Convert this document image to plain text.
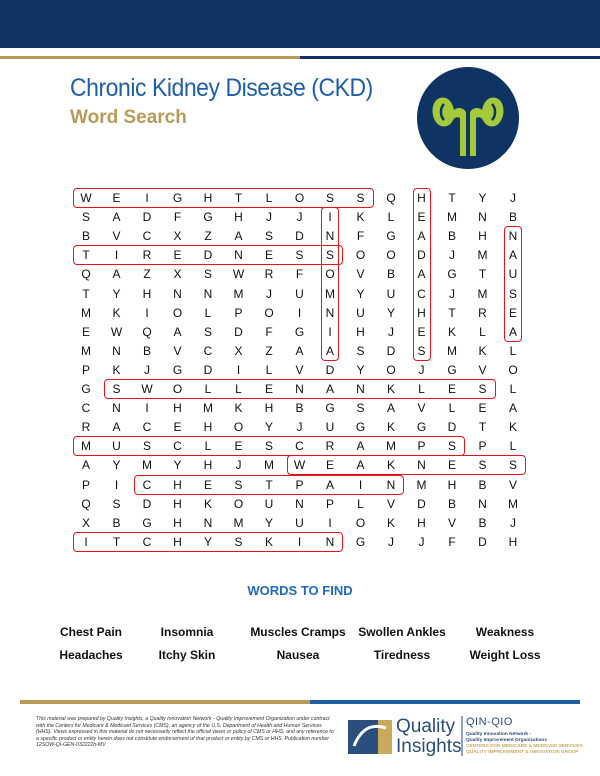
Chronic Kidney Disease (CKD)
Word Search
W	E	I	G	H	T	L	O	S	S	Q	H	T	Y	J
S	A	D	F	G	H	J	J	I	K	L	E	M	N	B
B	V	C	X	Z	A	S	D	N	F	G	A	B	H	N
T	I	R	E	D	N	E	S	S	O	O	D	J	M	A
Q	A	Z	X	S	W	R	F	O	V	B	A	G	T	U
T	Y	H	N	N	M	J	U	M	Y	U	C	J	M	S
M	K	I	O	L	P	O	I	N	U	Y	H	T	R	E
E	W	Q	A	S	D	F	G	I	H	J	E	K	L	A
M	N	B	V	C	X	Z	A	A	S	D	S	M	K	L
P	K	J	G	D	I	L	V	D	Y	O	J	G	V	O
G	S	W	O	L	L	E	N	A	N	K	L	E	S	L
C	N	I	H	M	K	H	B	G	S	A	V	L	E	A
R	A	C	E	H	O	Y	J	U	G	K	G	D	T	K
M	U	S	C	L	E	S	C	R	A	M	P	S	P	L
A	Y	M	Y	H	J	M	W	E	A	K	N	E	S	S
P	I	C	H	E	S	T	P	A	I	N	M	H	B	V
Q	S	D	H	K	O	U	N	P	L	V	D	B	N	M
X	B	G	H	N	M	Y	U	I	O	K	H	V	B	J
I	T	C	H	Y	S	K	I	N	G	J	J	F	D	H
WORDS TO FIND
Chest Pain	Insomnia	Muscles Cramps	Swollen Ankles	Weakness
Headaches	Itchy Skin	Nausea	Tiredness	Weight Loss
This material was prepared by Quality Insights, a Quality Innovation Network - Quality Improvement Organization under contract with the Centers for Medicare & Medicaid Services (CMS), an agency of the U.S. Department of Health and Human Services (HHS). Views expressed in this material do not necessarily reflect the official views or policy of CMS or HHS, and any reference to a specific product or entity herein does not constitute endorsement of that product or entity by CMS or HHS. Publication number 12SOW-QI-GEN-032222h-MV
Quality
Insights
QIN-QIO
Quality Innovation Network -
Quality Improvement Organizations
CENTERS FOR MEDICARE & MEDICAID SERVICES
QUALITY IMPROVEMENT & INNOVATION GROUP
